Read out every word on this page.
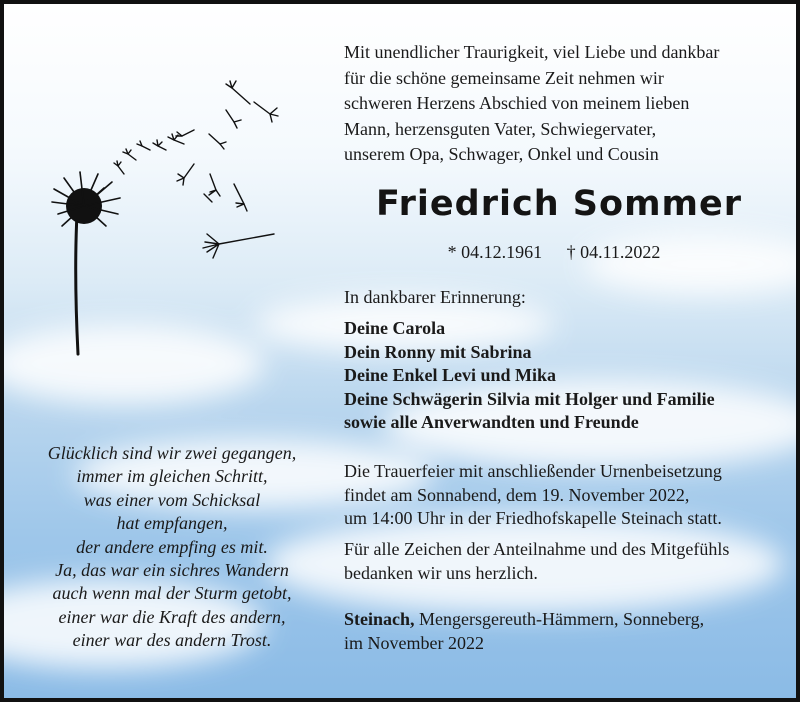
Mit unendlicher Traurigkeit, viel Liebe und dankbar
für die schöne gemeinsame Zeit nehmen wir
schweren Herzens Abschied von meinem lieben
Mann, herzensguten Vater, Schwiegervater,
unserem Opa, Schwager, Onkel und Cousin
Friedrich Sommer
* 04.12.1961 † 04.11.2022
In dankbarer Erinnerung:
Deine Carola
Dein Ronny mit Sabrina
Deine Enkel Levi und Mika
Deine Schwägerin Silvia mit Holger und Familie
sowie alle Anverwandten und Freunde
Die Trauerfeier mit anschließender Urnenbeisetzung
findet am Sonnabend, dem 19. November 2022,
um 14:00 Uhr in der Friedhofskapelle Steinach statt.
Für alle Zeichen der Anteilnahme und des Mitgefühls
bedanken wir uns herzlich.
Steinach, Mengersgereuth-Hämmern, Sonneberg,
im November 2022
Glücklich sind wir zwei gegangen,
immer im gleichen Schritt,
was einer vom Schicksal
hat empfangen,
der andere empfing es mit.
Ja, das war ein sichres Wandern
auch wenn mal der Sturm getobt,
einer war die Kraft des andern,
einer war des andern Trost.
